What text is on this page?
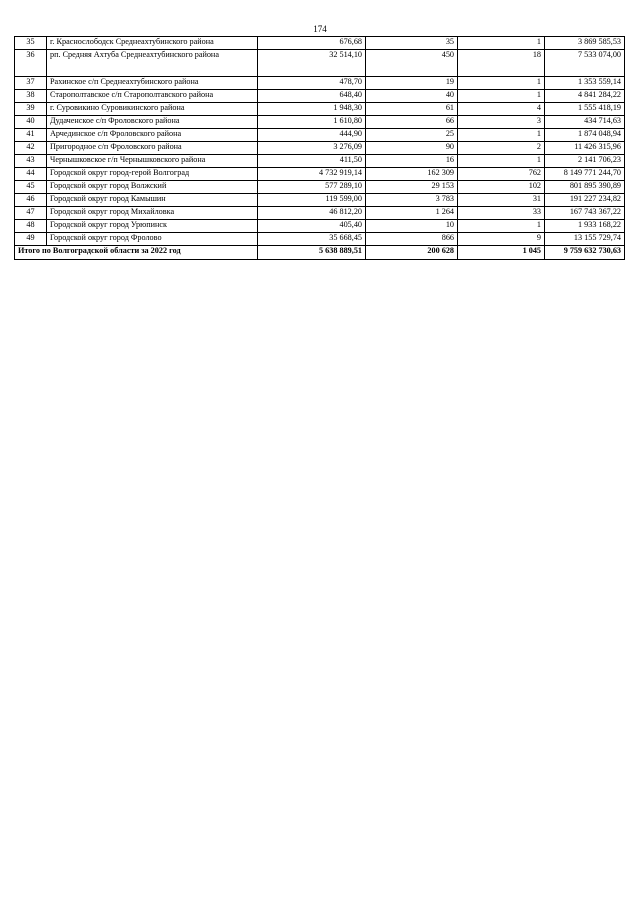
174
35	г. Краснослободск Среднеахтубинского района	676,68	35	1	3 869 585,53
36	рп. Средняя Ахтуба Среднеахтубинского района	32 514,10	450	18	7 533 074,00
37	Рахинское с/п Среднеахтубинского района	478,70	19	1	1 353 559,14
38	Старополтавское с/п Старополтавского района	648,40	40	1	4 841 284,22
39	г. Суровикино Суровикинского района	1 948,30	61	4	1 555 418,19
40	Дудаченское с/п Фроловского района	1 610,80	66	3	434 714,63
41	Арчединское с/п Фроловского района	444,90	25	1	1 874 048,94
42	Пригородное с/п Фроловского района	3 276,09	90	2	11 426 315,96
43	Чернышковское г/п Чернышковского района	411,50	16	1	2 141 706,23
44	Городской округ город-герой Волгоград	4 732 919,14	162 309	762	8 149 771 244,70
45	Городской округ город Волжский	577 289,10	29 153	102	801 895 390,89
46	Городской округ город Камышин	119 599,00	3 783	31	191 227 234,82
47	Городской округ город Михайловка	46 812,20	1 264	33	167 743 367,22
48	Городской округ город Урюпинск	405,40	10	1	1 933 168,22
49	Городской округ город Фролово	35 668,45	866	9	13 155 729,74
Итого по Волгоградской области за 2022 год		5 638 889,51	200 628	1 045	9 759 632 730,63
